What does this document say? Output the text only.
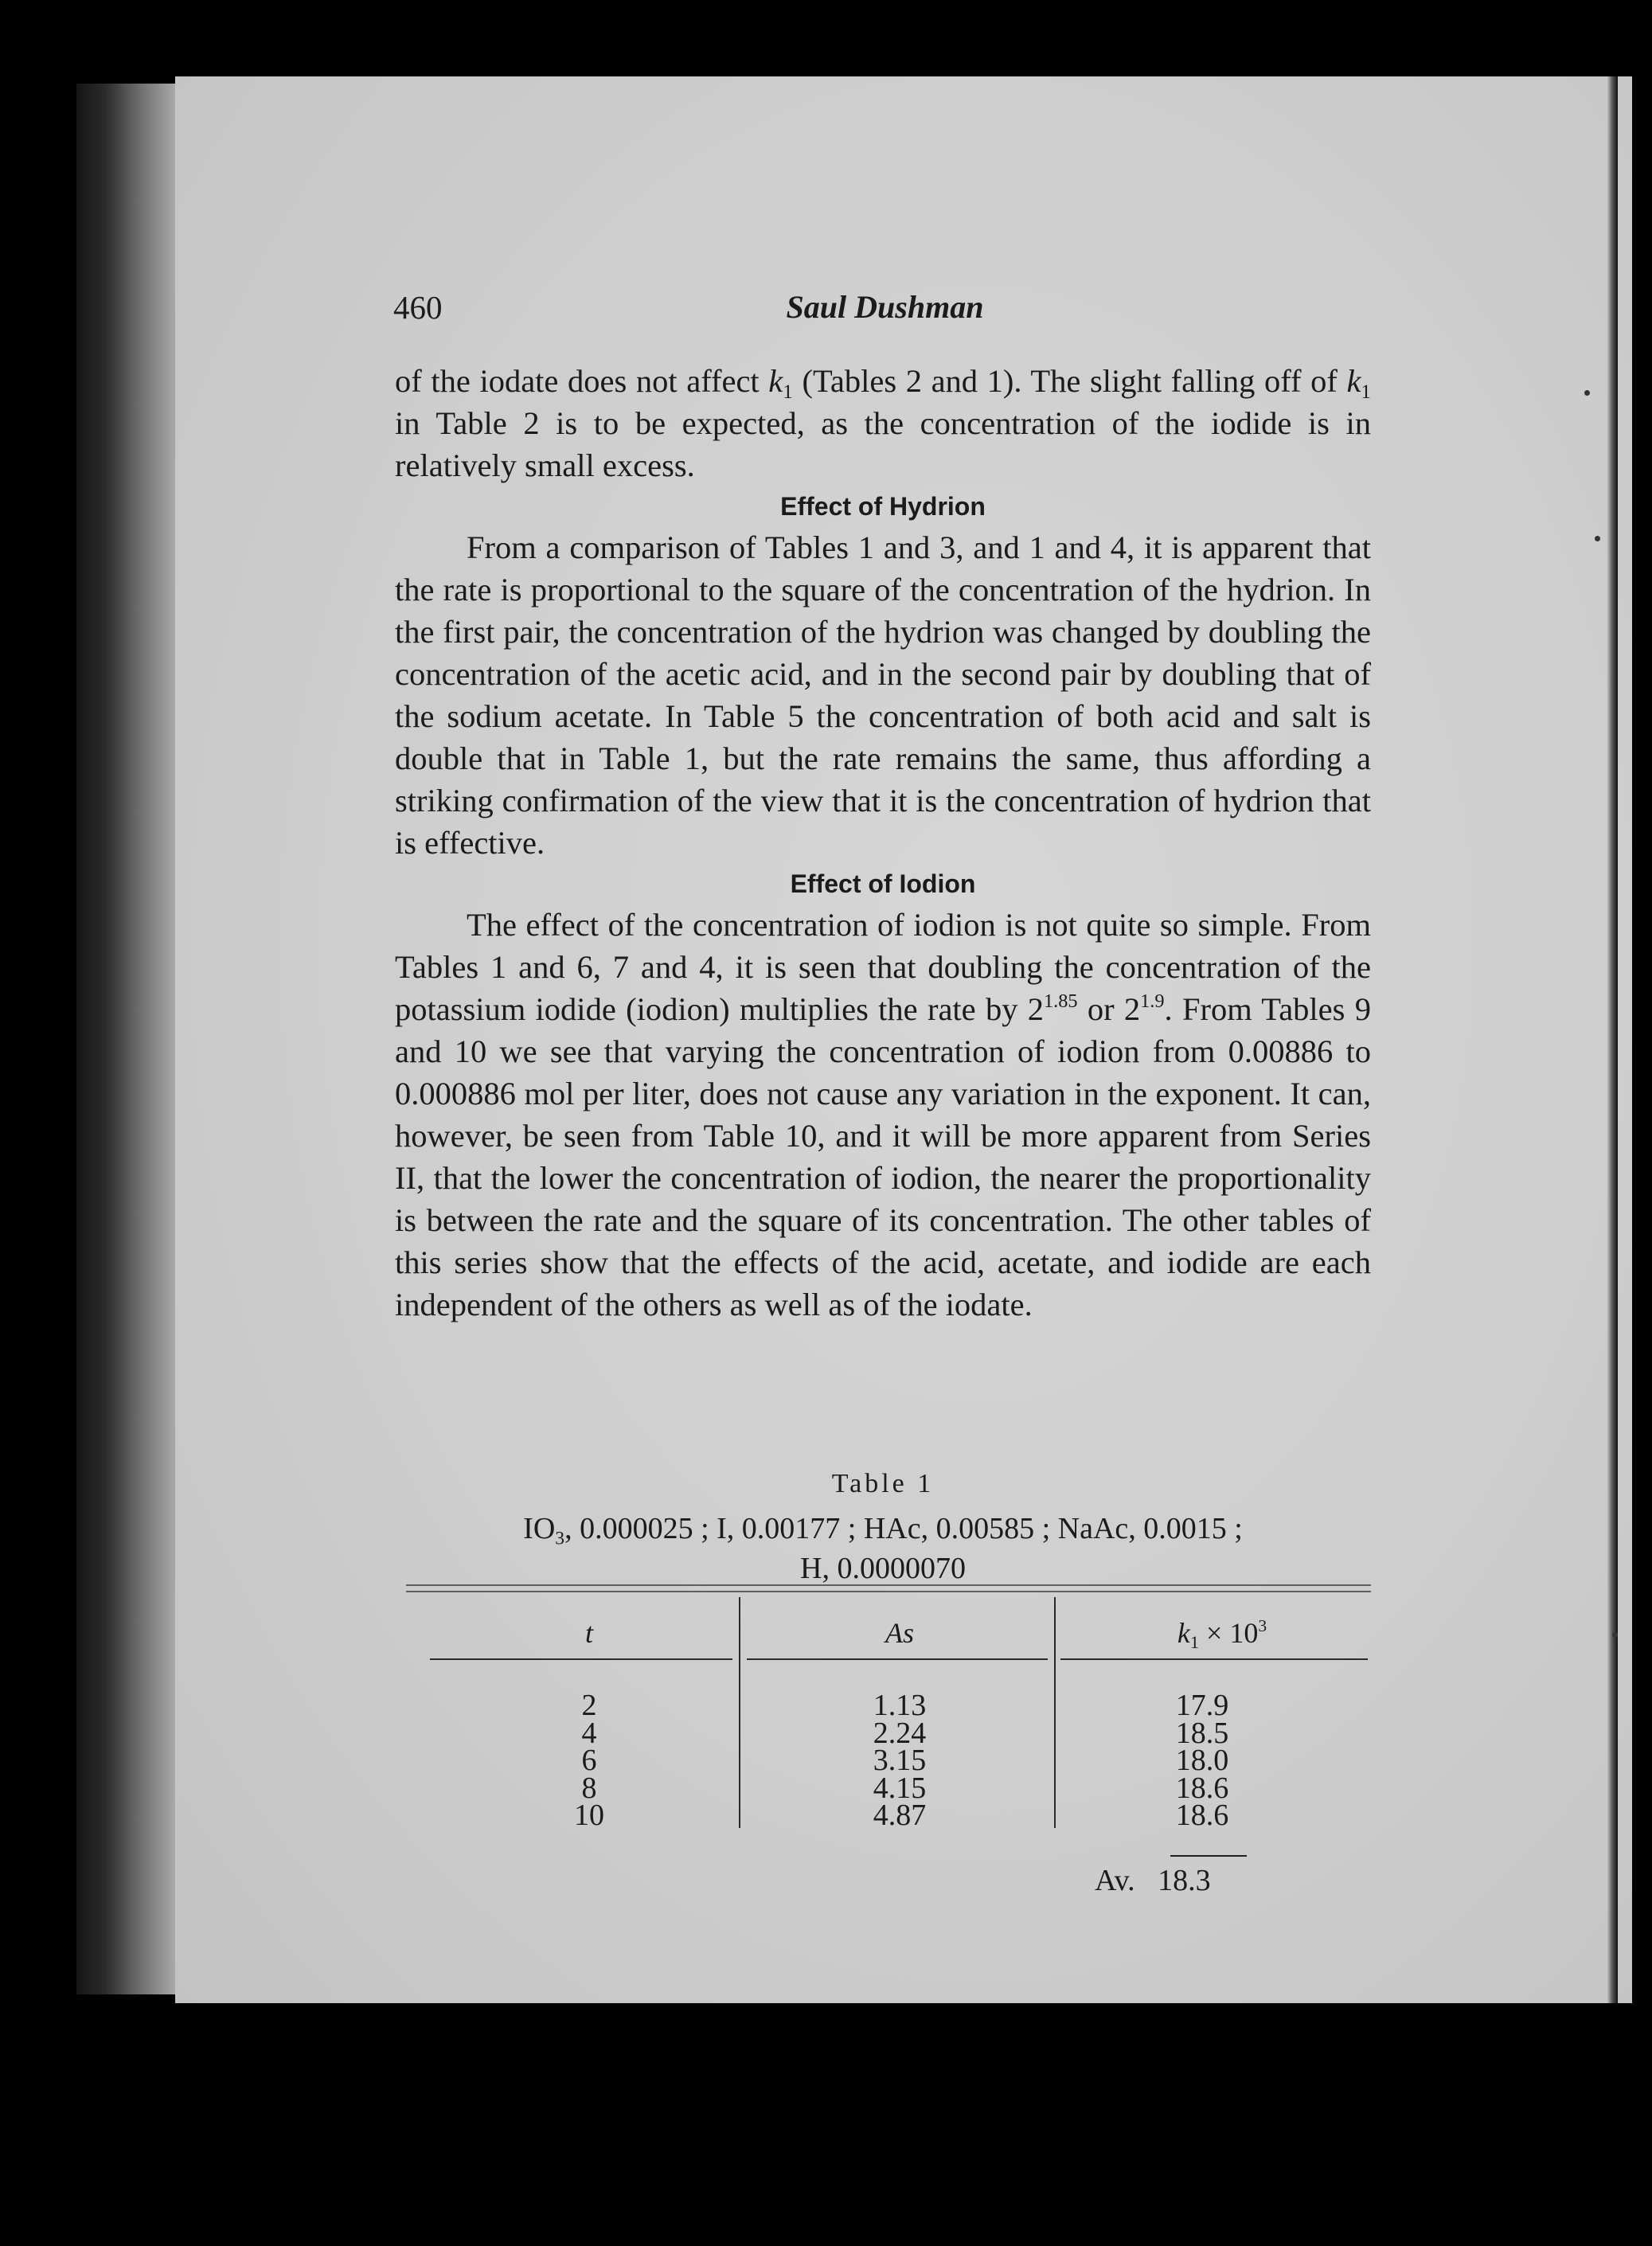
460	Saul Dushman

of the iodate does not affect $k_1$ (Tables 2 and 1). The slight falling off of $k_1$ in Table 2 is to be expected, as the concentration of the iodide is in relatively small excess.

Effect of Hydrion

From a comparison of Tables 1 and 3, and 1 and 4, it is apparent that the rate is proportional to the square of the concentration of the hydrion. In the first pair, the concentration of the hydrion was changed by doubling the concentration of the acetic acid, and in the second pair by doubling that of the sodium acetate. In Table 5 the concentration of both acid and salt is double that in Table 1, but the rate remains the same, thus affording a striking confirmation of the view that it is the concentration of hydrion that is effective.

Effect of Iodion

The effect of the concentration of iodion is not quite so simple. From Tables 1 and 6, 7 and 4, it is seen that doubling the concentration of the potassium iodide (iodion) multiplies the rate by $2^{1.85}$ or $2^{1.9}$. From Tables 9 and 10 we see that varying the concentration of iodion from 0.00886 to 0.000886 mol per liter, does not cause any variation in the exponent. It can, however, be seen from Table 10, and it will be more apparent from Series II, that the lower the concentration of iodion, the nearer the proportionality is between the rate and the square of its concentration. The other tables of this series show that the effects of the acid, acetate, and iodide are each independent of the others as well as of the iodate.

Table 1
$IO_3$, 0.000025 ; I, 0.00177 ; HAc, 0.00585 ; NaAc, 0.0015 ;
H, 0.0000070
t	As	$k_1 \times 10^3$
2	1.13	17.9
4	2.24	18.5
6	3.15	18.0
8	4.15	18.6
10	4.87	18.6
Av. 18.3
